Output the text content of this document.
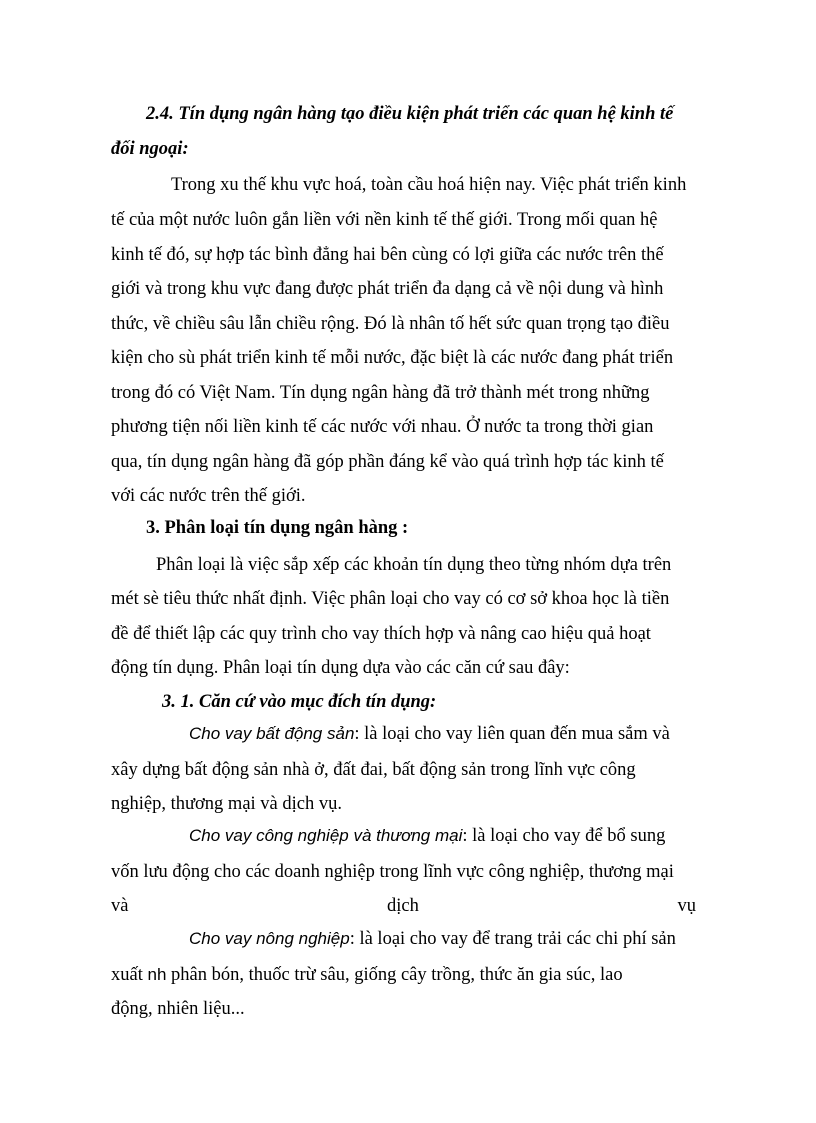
2.4. Tín dụng ngân hàng tạo điều kiện phát triển các quan hệ kinh tế
đối ngoại:
Trong xu thế khu vực hoá, toàn cầu hoá hiện nay. Việc phát triển kinh
tế của một nước luôn gắn liền với nền kinh tế thế giới. Trong mối quan hệ
kinh tế đó, sự hợp tác bình đẳng hai bên cùng có lợi giữa các nước trên thế
giới và trong khu vực đang được phát triển đa dạng cả về nội dung và hình
thức, về chiều sâu lẫn chiều rộng. Đó là nhân tố hết sức quan trọng tạo điều
kiện cho sù phát triển kinh tế mỗi nước, đặc biệt là các nước đang phát triển
trong đó có Việt Nam. Tín dụng ngân hàng đã trở thành mét trong những
phương tiện nối liền kinh tế các nước với nhau. Ở nước ta trong thời gian
qua, tín dụng ngân hàng đã góp phần đáng kể vào quá trình hợp tác kinh tế
với các nước trên thế giới.
3. Phân loại tín dụng ngân hàng :
Phân loại là việc sắp xếp các khoản tín dụng theo từng nhóm dựa trên
mét sè tiêu thức nhất định. Việc phân loại cho vay có cơ sở khoa học là tiền
đề để thiết lập các quy trình cho vay thích hợp và nâng cao hiệu quả hoạt
động tín dụng. Phân loại tín dụng dựa vào các căn cứ sau đây:
3. 1. Căn cứ vào mục đích tín dụng:
Cho vay bất động sản: là loại cho vay liên quan đến mua sắm và
xây dựng bất động sản nhà ở, đất đai, bất động sản trong lĩnh vực công
nghiệp, thương mại và dịch vụ.
Cho vay công nghiệp và thương mại: là loại cho vay để bổ sung
vốn lưu động cho các doanh nghiệp trong lĩnh vực công nghiệp, thương mại
và	dịch	vụ
Cho vay nông nghiệp: là loại cho vay để trang trải các chi phí sản
xuất nh phân bón, thuốc trừ sâu, giống cây trồng, thức ăn gia súc, lao
động, nhiên liệu...
